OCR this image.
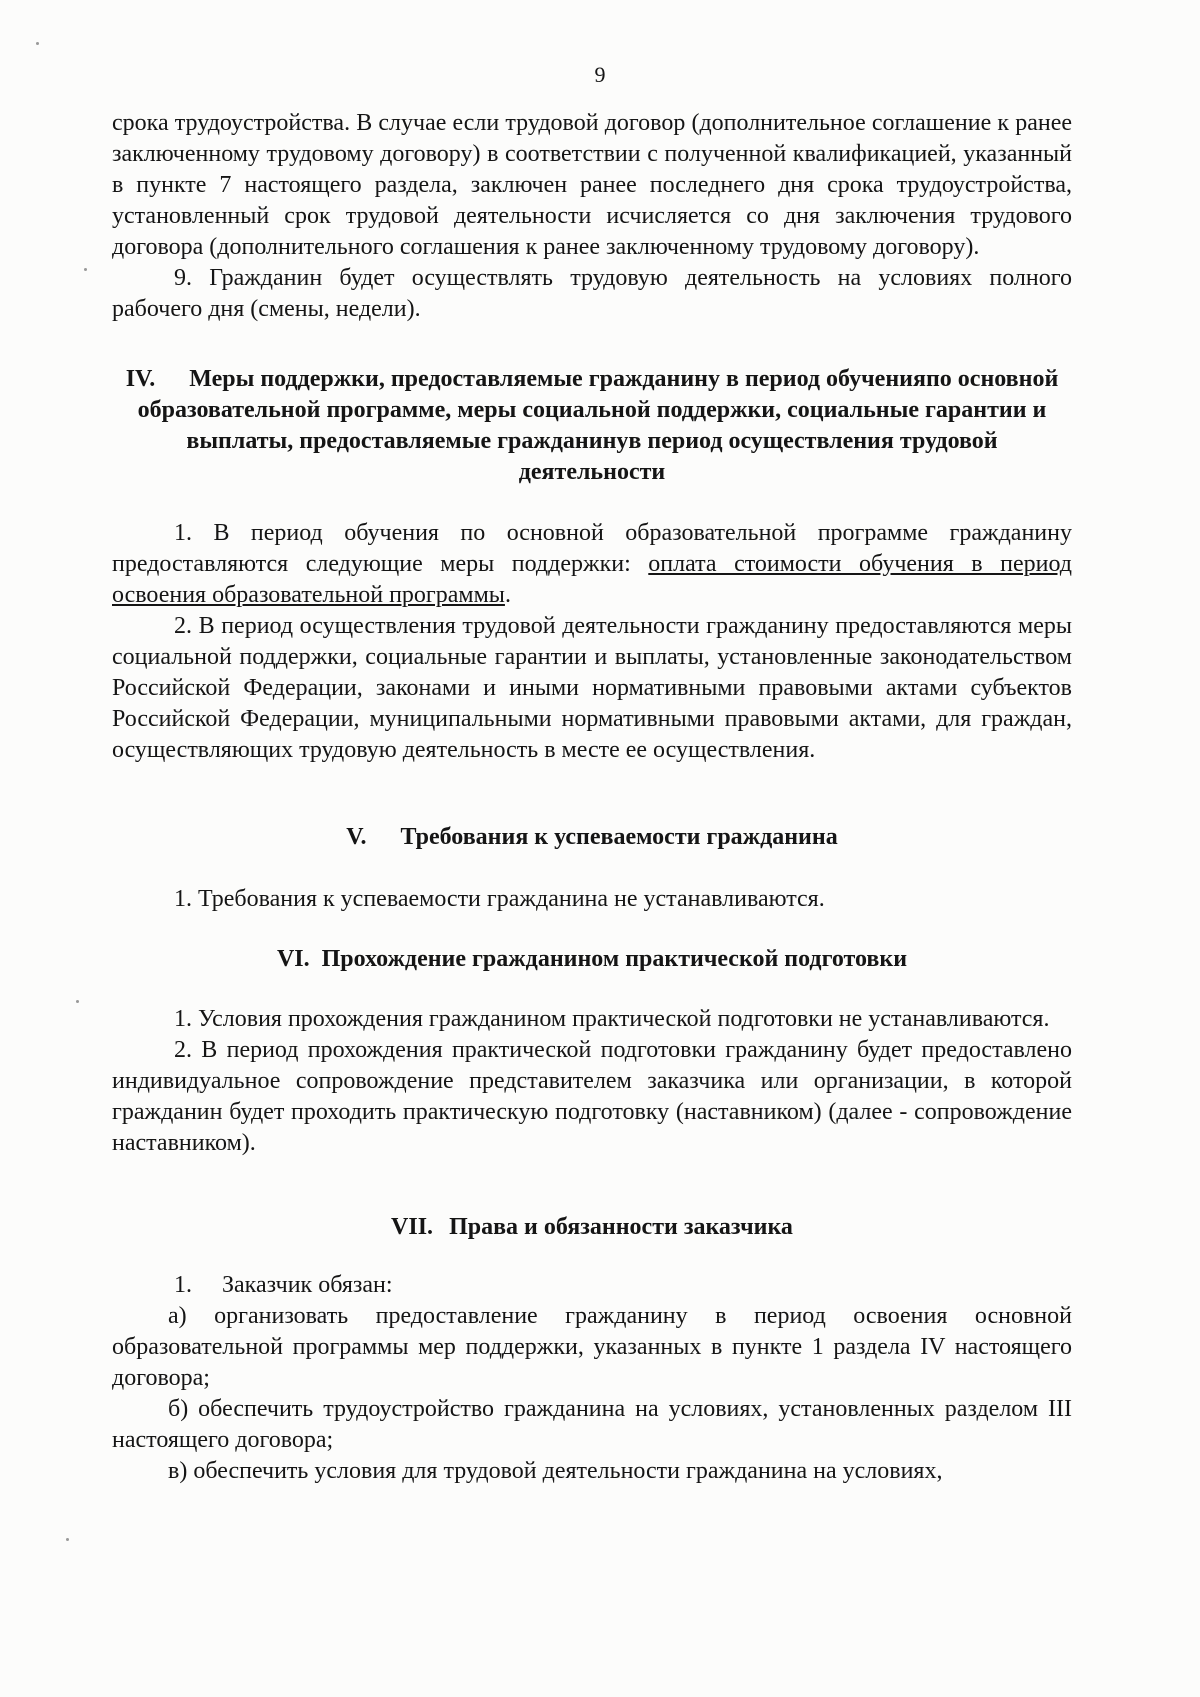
9

срока трудоустройства. В случае если трудовой договор (дополнительное соглашение к ранее заключенному трудовому договору) в соответствии с полученной квалификацией, указанный в пункте 7 настоящего раздела, заключен ранее последнего дня срока трудоустройства, установленный срок трудовой деятельности исчисляется со дня заключения трудового договора (дополнительного соглашения к ранее заключенному трудовому договору).

9. Гражданин будет осуществлять трудовую деятельность на условиях полного рабочего дня (смены, недели).

IV. Меры поддержки, предоставляемые гражданину в период обученияпо основной образовательной программе, меры социальной поддержки, социальные гарантии и выплаты, предоставляемые гражданинув период осуществления трудовой деятельности

1. В период обучения по основной образовательной программе гражданину предоставляются следующие меры поддержки: оплата стоимости обучения в период освоения образовательной программы.

2. В период осуществления трудовой деятельности гражданину предоставляются меры социальной поддержки, социальные гарантии и выплаты, установленные законодательством Российской Федерации, законами и иными нормативными правовыми актами субъектов Российской Федерации, муниципальными нормативными правовыми актами, для граждан, осуществляющих трудовую деятельность в месте ее осуществления.

V. Требования к успеваемости гражданина

1. Требования к успеваемости гражданина не устанавливаются.

VI. Прохождение гражданином практической подготовки

1. Условия прохождения гражданином практической подготовки не устанавливаются.

2. В период прохождения практической подготовки гражданину будет предоставлено индивидуальное сопровождение представителем заказчика или организации, в которой гражданин будет проходить практическую подготовку (наставником) (далее - сопровождение наставником).

VII. Права и обязанности заказчика

1. Заказчик обязан:

а) организовать предоставление гражданину в период освоения основной образовательной программы мер поддержки, указанных в пункте 1 раздела IV настоящего договора;

б) обеспечить трудоустройство гражданина на условиях, установленных разделом III настоящего договора;

в) обеспечить условия для трудовой деятельности гражданина на условиях,
